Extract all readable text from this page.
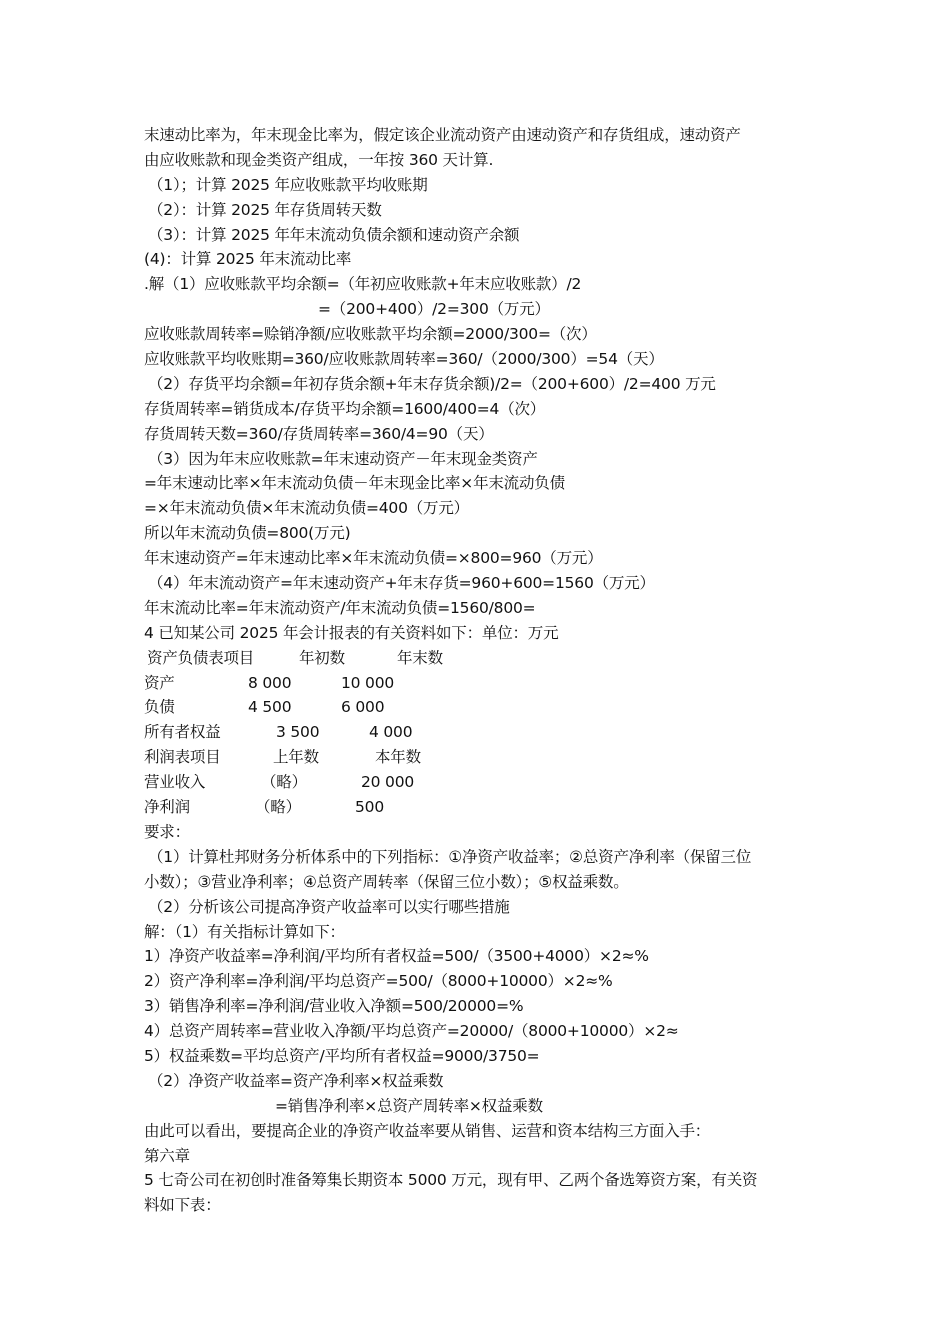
末速动比率为，年末现金比率为，假定该企业流动资产由速动资产和存货组成，速动资产
由应收账款和现金类资产组成，一年按 360 天计算.
（1）；计算 2025 年应收账款平均收账期
（2）：计算 2025 年存货周转天数
（3）：计算 2025 年年末流动负债余额和速动资产余额
(4)：计算 2025 年末流动比率
.解（1）应收账款平均余额=（年初应收账款+年末应收账款）/2
=（200+400）/2=300（万元）
应收账款周转率=赊销净额/应收账款平均余额=2000/300=（次）
应收账款平均收账期=360/应收账款周转率=360/（2000/300）=54（天）
（2）存货平均余额=年初存货余额+年末存货余额)/2=（200+600）/2=400 万元
存货周转率=销货成本/存货平均余额=1600/400=4（次）
存货周转天数=360/存货周转率=360/4=90（天）
（3）因为年末应收账款=年末速动资产－年末现金类资产
=年末速动比率×年末流动负债－年末现金比率×年末流动负债
=×年末流动负债×年末流动负债=400（万元）
所以年末流动负债=800(万元)
年末速动资产=年末速动比率×年末流动负债=×800=960（万元）
（4）年末流动资产=年末速动资产+年末存货=960+600=1560（万元）
年末流动比率=年末流动资产/年末流动负债=1560/800=
4 已知某公司 2025 年会计报表的有关资料如下：单位：万元
资产负债表项目	年初数	年末数
资产	8 000	10 000
负债	4 500	6 000
所有者权益	3 500	4 000
利润表项目	上年数	本年数
营业收入	（略）	20 000
净利润	（略）	500
要求：
（1）计算杜邦财务分析体系中的下列指标：①净资产收益率；②总资产净利率（保留三位
小数）；③营业净利率；④总资产周转率（保留三位小数）；⑤权益乘数。
（2）分析该公司提高净资产收益率可以实行哪些措施
解：（1）有关指标计算如下：
1）净资产收益率=净利润/平均所有者权益=500/（3500+4000）×2≈%
2）资产净利率=净利润/平均总资产=500/（8000+10000）×2≈%
3）销售净利率=净利润/营业收入净额=500/20000=%
4）总资产周转率=营业收入净额/平均总资产=20000/（8000+10000）×2≈
5）权益乘数=平均总资产/平均所有者权益=9000/3750=
（2）净资产收益率=资产净利率×权益乘数
=销售净利率×总资产周转率×权益乘数
由此可以看出，要提高企业的净资产收益率要从销售、运营和资本结构三方面入手：
第六章
5 七奇公司在初创时准备筹集长期资本 5000 万元，现有甲、乙两个备选筹资方案，有关资
料如下表：
